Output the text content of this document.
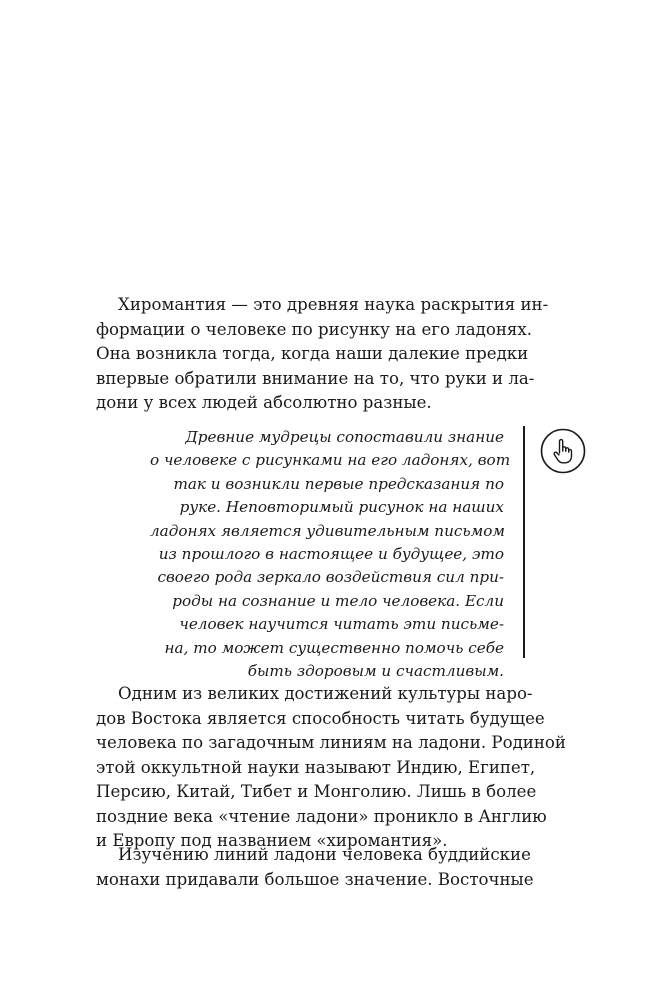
Хиромантия — это древняя наука раскрытия ин-
формации о человеке по рисунку на его ладонях.
Она возникла тогда, когда наши далекие предки
впервые обратили внимание на то, что руки и ла-
дони у всех людей абсолютно разные.
Древние мудрецы сопоставили знание
о человеке с рисунками на его ладонях, вот
так и возникли первые предсказания по
руке. Неповторимый рисунок на наших
ладонях является удивительным письмом
из прошлого в настоящее и будущее, это
своего рода зеркало воздействия сил при-
роды на сознание и тело человека. Если
человек научится читать эти письме-
на, то может существенно помочь себе
быть здоровым и счастливым.
Одним из великих достижений культуры наро-
дов Востока является способность читать будущее
человека по загадочным линиям на ладони. Родиной
этой оккультной науки называют Индию, Египет,
Персию, Китай, Тибет и Монголию. Лишь в более
поздние века «чтение ладони» проникло в Англию
и Европу под названием «хиромантия».
Изучению линий ладони человека буддийские
монахи придавали большое значение. Восточные
